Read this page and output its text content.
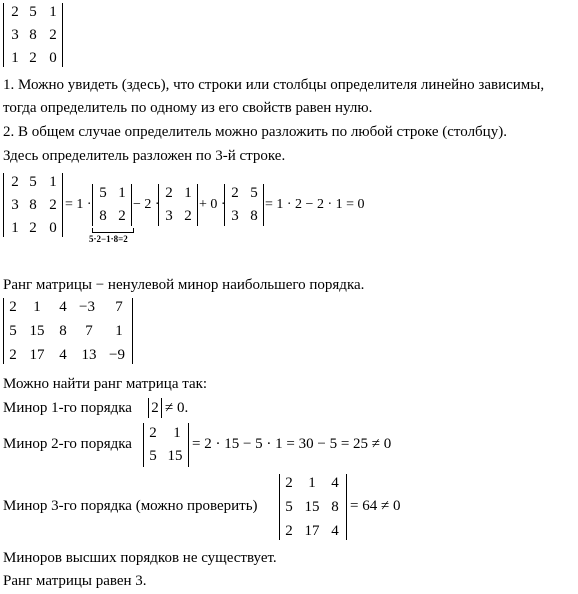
2 5 1
3 8 2
1 2 0
1. Можно увидеть (здесь), что строки или столбцы определителя линейно зависимы,
тогда определитель по одному из его свойств равен нулю.
2. В общем случае определитель можно разложить по любой строке (столбцу).
Здесь определитель разложен по 3-й строке.
2 5 1
3 8 2
1 2 0
= 1 ·
5 1
8 2
5·2−1·8=2
− 2 ·
2 1
3 2
+ 0 ·
2 5
3 8
= 1 · 2 − 2 · 1 = 0
Ранг матрицы − ненулевой минор наибольшего порядка.
2	1	4 −3	7
5 15 8	7	1
2 17 4 13 −9
Можно найти ранг матрица так:
Минор 1-го порядка	2 ≠ 0.
Минор 2-го порядка
2	1
5 15
= 2 · 15 − 5 · 1 = 30 − 5 = 25 ≠ 0
Минор 3-го порядка (можно проверить)
2	1	4
5 15 8
2 17 4
= 64 ≠ 0
Миноров высших порядков не существует.
Ранг матрицы равен 3.
